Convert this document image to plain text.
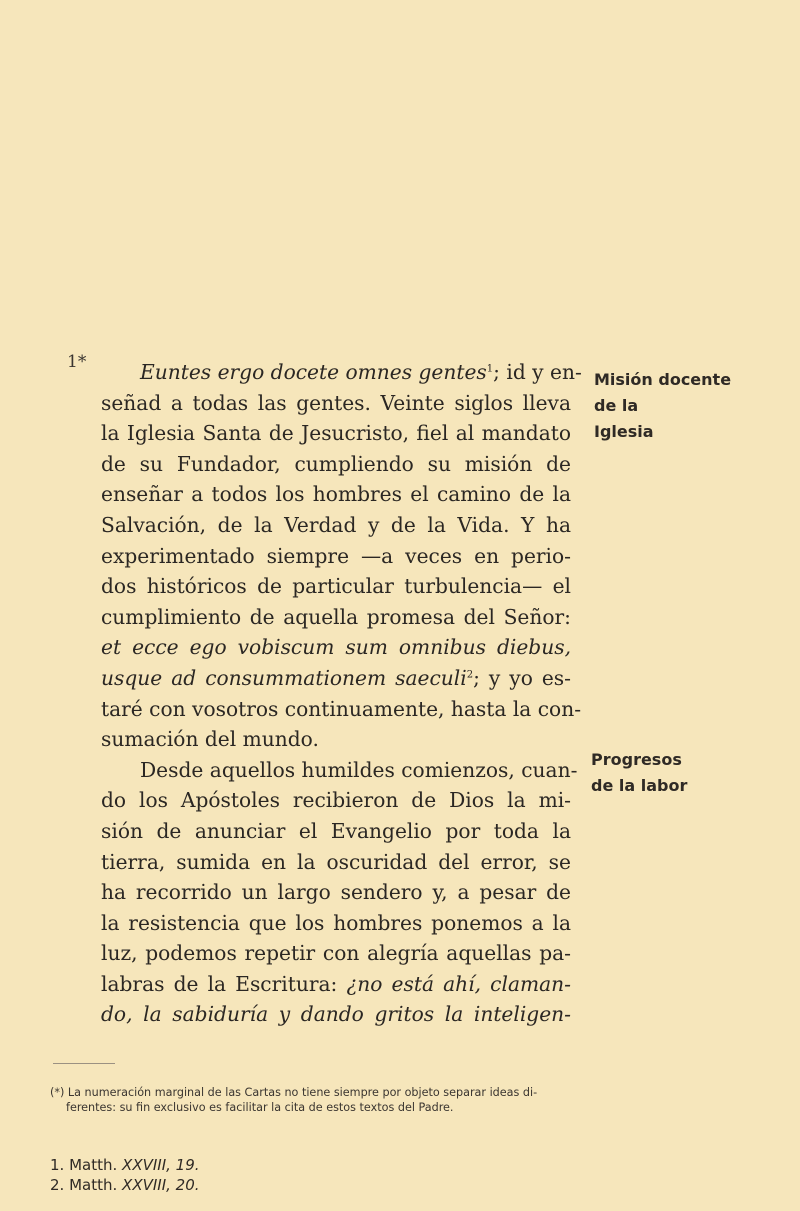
1*	Euntes ergo docete omnes gentes$^1$; id y en-
señad a todas las gentes. Veinte siglos lleva
la Iglesia Santa de Jesucristo, fiel al mandato
de su Fundador, cumpliendo su misión de
enseñar a todos los hombres el camino de la
Salvación, de la Verdad y de la Vida. Y ha
experimentado siempre —a veces en perio-
dos históricos de particular turbulencia— el
cumplimiento de aquella promesa del Señor:
et ecce ego vobiscum sum omnibus diebus,
usque ad consummationem saeculi$^2$; y yo es-
taré con vosotros continuamente, hasta la con-
sumación del mundo.
Desde aquellos humildes comienzos, cuan-
do los Apóstoles recibieron de Dios la mi-
sión de anunciar el Evangelio por toda la
tierra, sumida en la oscuridad del error, se
ha recorrido un largo sendero y, a pesar de
la resistencia que los hombres ponemos a la
luz, podemos repetir con alegría aquellas pa-
labras de la Escritura: ¿no está ahí, claman-
do, la sabiduría y dando gritos la inteligen-
Misión docente
de la
Iglesia
Progresos
de la labor
(*) La numeración marginal de las Cartas no tiene siempre por objeto separar ideas di-
ferentes: su fin exclusivo es facilitar la cita de estos textos del Padre.
1. Matth. XXVIII, 19.
2. Matth. XXVIII, 20.
